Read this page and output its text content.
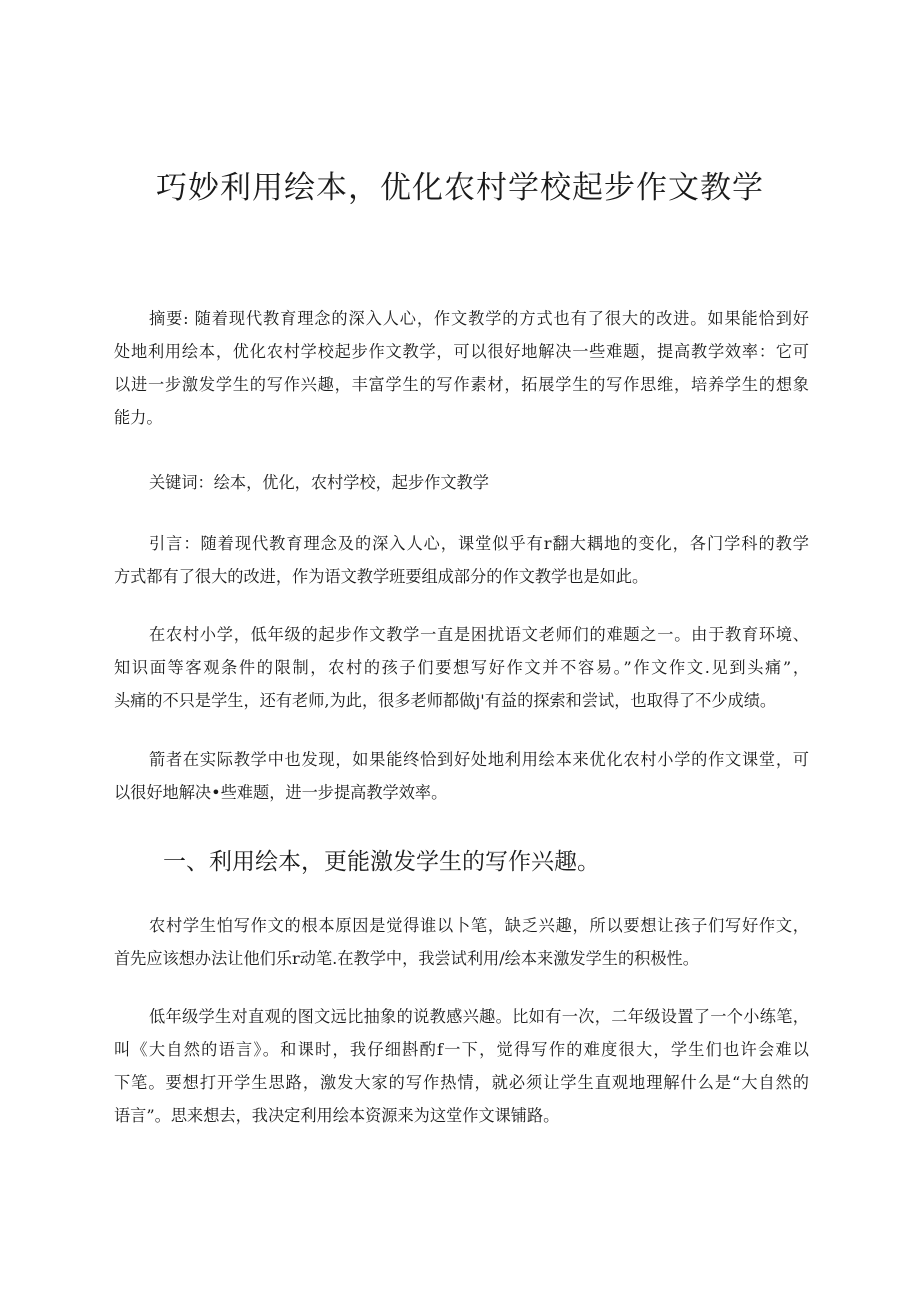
巧妙利用绘本，优化农村学校起步作文教学

摘要: 随着现代教育理念的深入人心，作文教学的方式也有了很大的改进。如果能恰到好
处地利用绘本，优化农村学校起步作文教学，可以很好地解决一些难题，提高教学效率：它可
以进一步激发学生的写作兴趣，丰富学生的写作素材，拓展学生的写作思维，培养学生的想象
能力。

关键词：绘本，优化，农村学校，起步作文教学

引言：随着现代教育理念及的深入人心，课堂似乎有r翻大耦地的变化，各门学科的教学
方式都有了很大的改进，作为语文教学班要组成部分的作文教学也是如此。

在农村小学，低年级的起步作文教学一直是困扰语文老师们的难题之一。由于教育环境、
知识面等客观条件的限制，农村的孩子们要想写好作文并不容易。”作文作文.见到头痛”，
头痛的不只是学生，还有老师,为此，很多老师都做j'有益的探索和尝试，也取得了不少成绩。

箭者在实际教学中也发现，如果能终恰到好处地利用绘本来优化农村小学的作文课堂，可
以很好地解决•些难题，进一步提高教学效率。

一、利用绘本，更能激发学生的写作兴趣。

农村学生怕写作文的根本原因是觉得谁以卜笔，缺乏兴趣，所以要想让孩子们写好作文，
首先应该想办法让他们乐r动笔.在教学中，我尝试利用/绘本来激发学生的积极性。

低年级学生对直观的图文远比抽象的说教感兴趣。比如有一次，二年级设置了一个小练笔，
叫《大自然的语言》。和课时，我仔细斟酌f一下，觉得写作的难度很大，学生们也许会难以
下笔。要想打开学生思路，激发大家的写作热情，就必须让学生直观地理解什么是“大自然的
语言”。思来想去，我决定利用绘本资源来为这堂作文课铺路。
